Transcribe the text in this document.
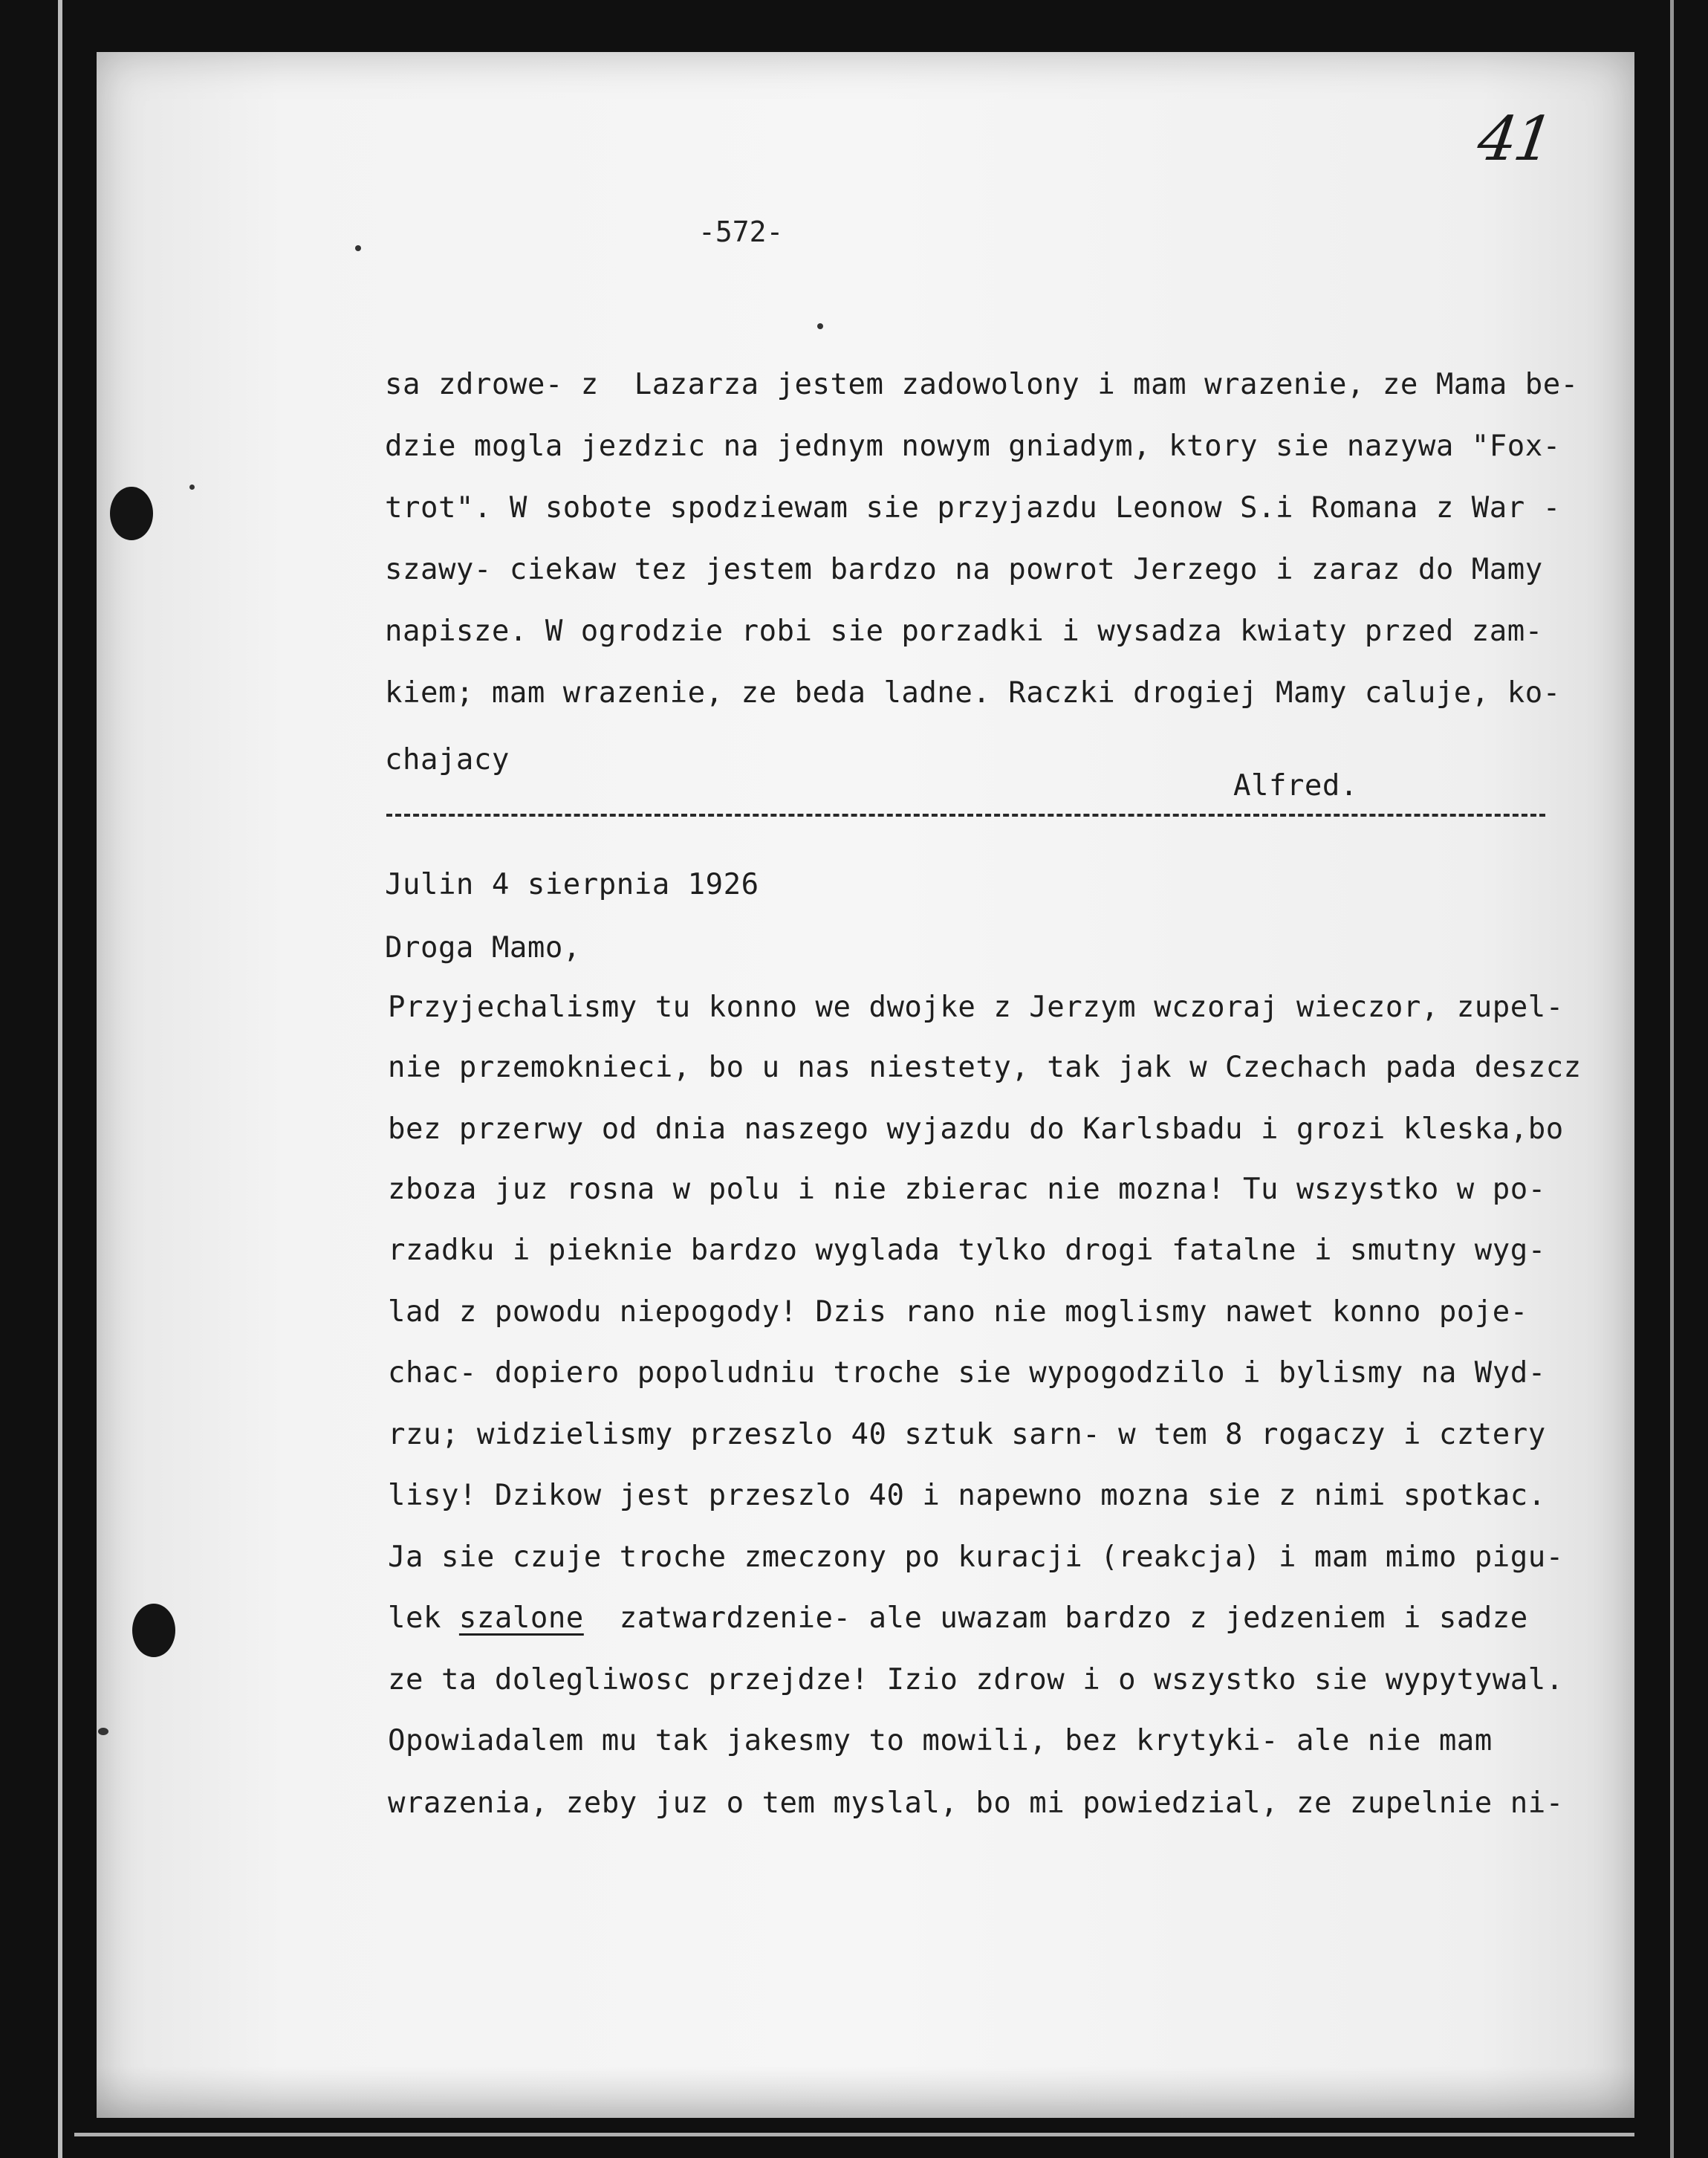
41
-572-
sa zdrowe- z  Lazarza jestem zadowolony i mam wrazenie, ze Mama be-
dzie mogla jezdzic na jednym nowym gniadym, ktory sie nazywa "Fox-
trot". W sobote spodziewam sie przyjazdu Leonow S.i Romana z War -
szawy- ciekaw tez jestem bardzo na powrot Jerzego i zaraz do Mamy
napisze. W ogrodzie robi sie porzadki i wysadza kwiaty przed zam-
kiem; mam wrazenie, ze beda ladne. Raczki drogiej Mamy caluje, ko-
chajacy
Alfred.
Julin 4 sierpnia 1926
Droga Mamo,
Przyjechalismy tu konno we dwojke z Jerzym wczoraj wieczor, zupel-
nie przemoknieci, bo u nas niestety, tak jak w Czechach pada deszcz
bez przerwy od dnia naszego wyjazdu do Karlsbadu i grozi kleska,bo
zboza juz rosna w polu i nie zbierac nie mozna! Tu wszystko w po-
rzadku i pieknie bardzo wyglada tylko drogi fatalne i smutny wyg-
lad z powodu niepogody! Dzis rano nie moglismy nawet konno poje-
chac- dopiero popoludniu troche sie wypogodzilo i bylismy na Wyd-
rzu; widzielismy przeszlo 40 sztuk sarn- w tem 8 rogaczy i cztery
lisy! Dzikow jest przeszlo 40 i napewno mozna sie z nimi spotkac.
Ja sie czuje troche zmeczony po kuracji (reakcja) i mam mimo pigu-
lek szalone  zatwardzenie- ale uwazam bardzo z jedzeniem i sadze
ze ta dolegliwosc przejdze! Izio zdrow i o wszystko sie wypytywal.
Opowiadalem mu tak jakesmy to mowili, bez krytyki- ale nie mam
wrazenia, zeby juz o tem myslal, bo mi powiedzial, ze zupelnie ni-
